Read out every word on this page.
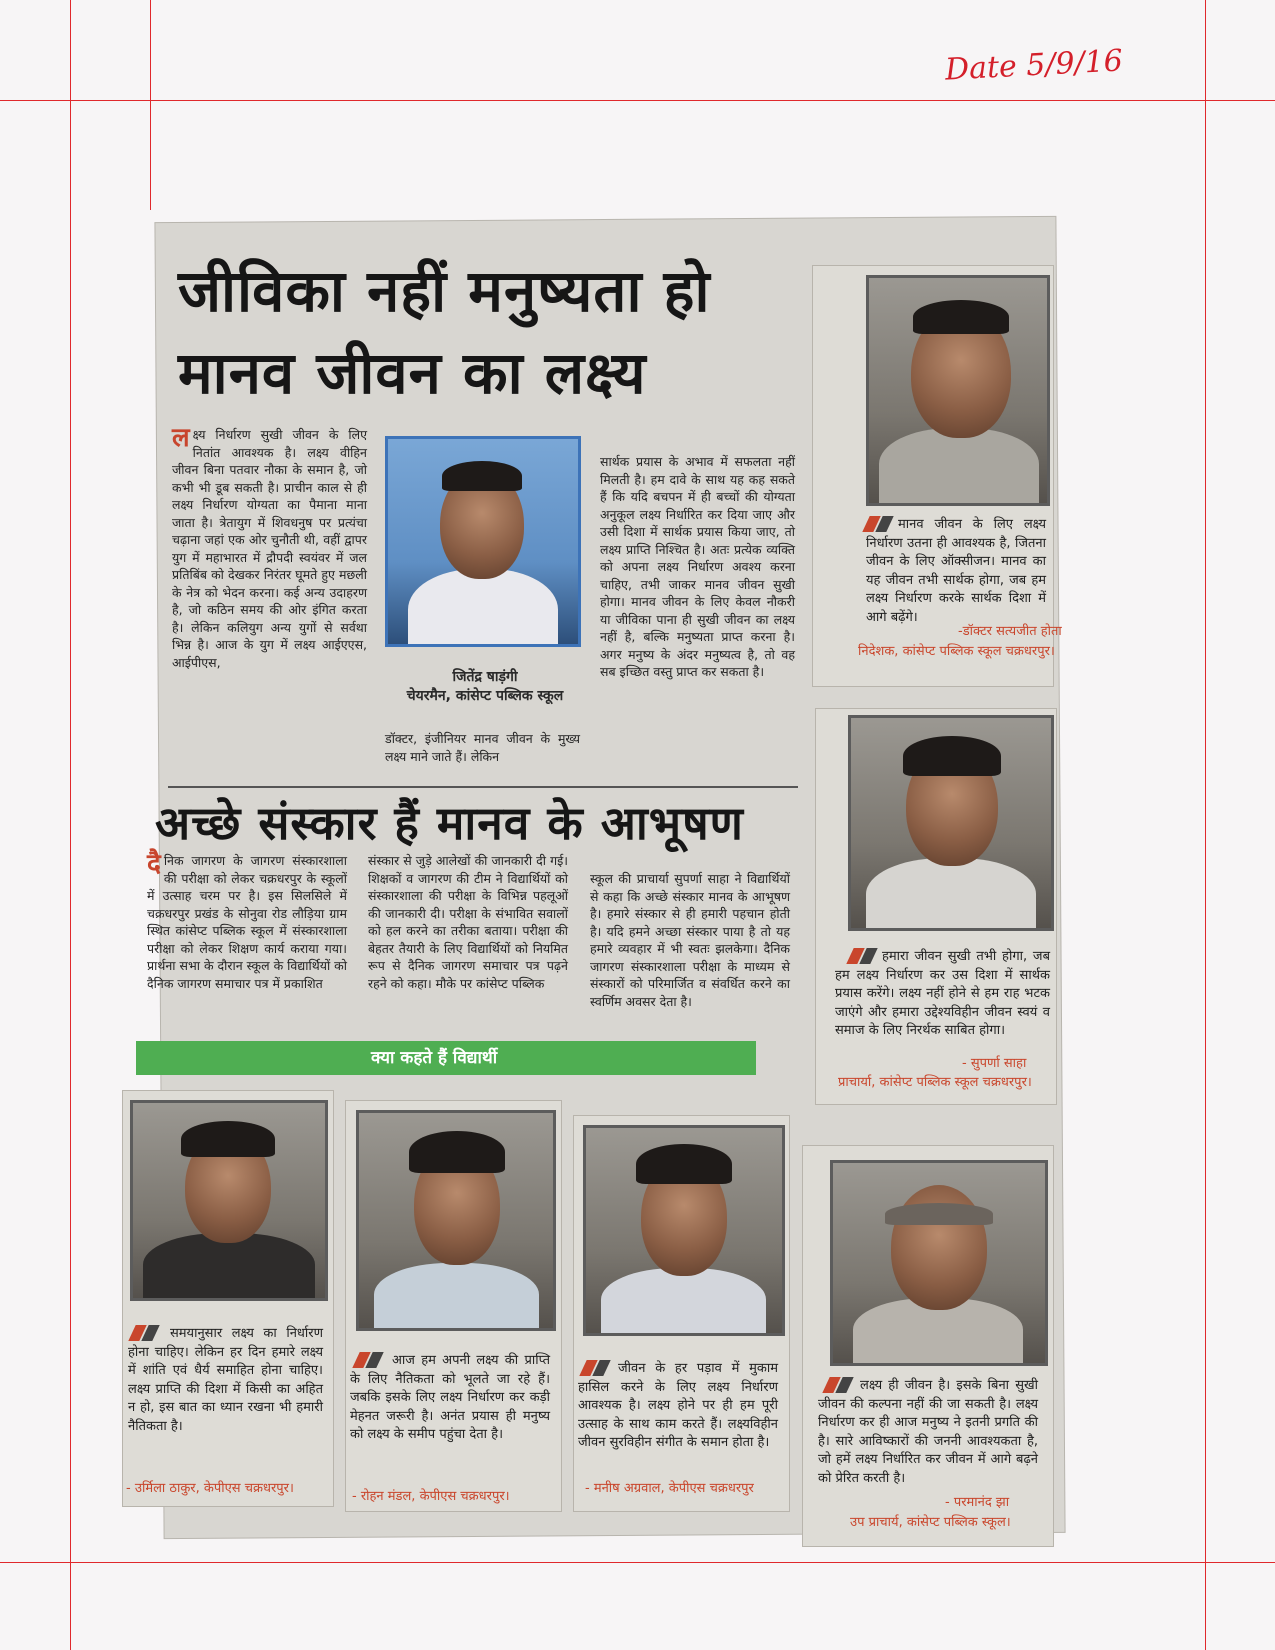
Date 5/9/16
जीविका नहीं मनुष्यता हो
मानव जीवन का लक्ष्य
ल क्ष्य निर्धारण सुखी जीवन के लिए नितांत आवश्यक है। लक्ष्य वीहिन जीवन बिना पतवार नौका के समान है, जो कभी भी डूब सकती है। प्राचीन काल से ही लक्ष्य निर्धारण योग्यता का पैमाना माना जाता है। त्रेतायुग में शिवधनुष पर प्रत्यंचा चढ़ाना जहां एक ओर चुनौती थी, वहीं द्वापर युग में महाभारत में द्रौपदी स्वयंवर में जल प्रतिबिंब को देखकर निरंतर घूमते हुए मछली के नेत्र को भेदन करना। कई अन्य उदाहरण है, जो कठिन समय की ओर इंगित करता है। लेकिन कलियुग अन्य युगों से सर्वथा भिन्न है। आज के युग में लक्ष्य आईएएस, आईपीएस,
जितेंद्र षाड़ंगी
चेयरमैन, कांसेप्ट पब्लिक स्कूल
डॉक्टर, इंजीनियर मानव जीवन के मुख्य लक्ष्य माने जाते हैं। लेकिन
सार्थक प्रयास के अभाव में सफलता नहीं मिलती है। हम दावे के साथ यह कह सकते हैं कि यदि बचपन में ही बच्चों की योग्यता अनुकूल लक्ष्य निर्धारित कर दिया जाए और उसी दिशा में सार्थक प्रयास किया जाए, तो लक्ष्य प्राप्ति निश्चित है। अतः प्रत्येक व्यक्ति को अपना लक्ष्य निर्धारण अवश्य करना चाहिए, तभी जाकर मानव जीवन सुखी होगा। मानव जीवन के लिए केवल नौकरी या जीविका पाना ही सुखी जीवन का लक्ष्य नहीं है, बल्कि मनुष्यता प्राप्त करना है। अगर मनुष्य के अंदर मनुष्यत्व है, तो वह सब इच्छित वस्तु प्राप्त कर सकता है।
अच्छे संस्कार हैं मानव के आभूषण
दै निक जागरण के जागरण संस्कारशाला की परीक्षा को लेकर चक्रधरपुर के स्कूलों में उत्साह चरम पर है। इस सिलसिले में चक्रधरपुर प्रखंड के सोनुवा रोड लौड़िया ग्राम स्थित कांसेप्ट पब्लिक स्कूल में संस्कारशाला परीक्षा को लेकर शिक्षण कार्य कराया गया। प्रार्थना सभा के दौरान स्कूल के विद्यार्थियों को दैनिक जागरण समाचार पत्र में प्रकाशित
संस्कार से जुड़े आलेखों की जानकारी दी गई। शिक्षकों व जागरण की टीम ने विद्यार्थियों को संस्कारशाला की परीक्षा के विभिन्न पहलूओं की जानकारी दी। परीक्षा के संभावित सवालों को हल करने का तरीका बताया। परीक्षा की बेहतर तैयारी के लिए विद्यार्थियों को नियमित रूप से दैनिक जागरण समाचार पत्र पढ़ने रहने को कहा। मौके पर कांसेप्ट पब्लिक
स्कूल की प्राचार्या सुपर्णा साहा ने विद्यार्थियों से कहा कि अच्छे संस्कार मानव के आभूषण है। हमारे संस्कार से ही हमारी पहचान होती है। यदि हमने अच्छा संस्कार पाया है तो यह हमारे व्यवहार में भी स्वतः झलकेगा। दैनिक जागरण संस्कारशाला परीक्षा के माध्यम से संस्कारों को परिमार्जित व संवर्धित करने का स्वर्णिम अवसर देता है।
क्या कहते हैं विद्यार्थी
मानव जीवन के लिए लक्ष्य निर्धारण उतना ही आवश्यक है, जितना जीवन के लिए ऑक्सीजन। मानव का यह जीवन तभी सार्थक होगा, जब हम लक्ष्य निर्धारण करके सार्थक दिशा में आगे बढ़ेंगे।
-डॉक्टर सत्यजीत होता
निदेशक, कांसेप्ट पब्लिक स्कूल चक्रधरपुर।
हमारा जीवन सुखी तभी होगा, जब हम लक्ष्य निर्धारण कर उस दिशा में सार्थक प्रयास करेंगे। लक्ष्य नहीं होने से हम राह भटक जाएंगे और हमारा उद्देश्यविहीन जीवन स्वयं व समाज के लिए निरर्थक साबित होगा।
- सुपर्णा साहा
प्राचार्या, कांसेप्ट पब्लिक स्कूल चक्रधरपुर।
लक्ष्य ही जीवन है। इसके बिना सुखी जीवन की कल्पना नहीं की जा सकती है। लक्ष्य निर्धारण कर ही आज मनुष्य ने इतनी प्रगति की है। सारे आविष्कारों की जननी आवश्यकता है, जो हमें लक्ष्य निर्धारित कर जीवन में आगे बढ़ने को प्रेरित करती है।
- परमानंद झा
उप प्राचार्य, कांसेप्ट पब्लिक स्कूल।
समयानुसार लक्ष्य का निर्धारण होना चाहिए। लेकिन हर दिन हमारे लक्ष्य में शांति एवं धैर्य समाहित होना चाहिए। लक्ष्य प्राप्ति की दिशा में किसी का अहित न हो, इस बात का ध्यान रखना भी हमारी नैतिकता है।
- उर्मिला ठाकुर, केपीएस चक्रधरपुर।
आज हम अपनी लक्ष्य की प्राप्ति के लिए नैतिकता को भूलते जा रहे हैं। जबकि इसके लिए लक्ष्य निर्धारण कर कड़ी मेहनत जरूरी है। अनंत प्रयास ही मनुष्य को लक्ष्य के समीप पहुंचा देता है।
- रोहन मंडल, केपीएस चक्रधरपुर।
जीवन के हर पड़ाव में मुकाम हासिल करने के लिए लक्ष्य निर्धारण आवश्यक है। लक्ष्य होने पर ही हम पूरी उत्साह के साथ काम करते हैं। लक्ष्यविहीन जीवन सुरविहीन संगीत के समान होता है।
- मनीष अग्रवाल, केपीएस चक्रधरपुर
